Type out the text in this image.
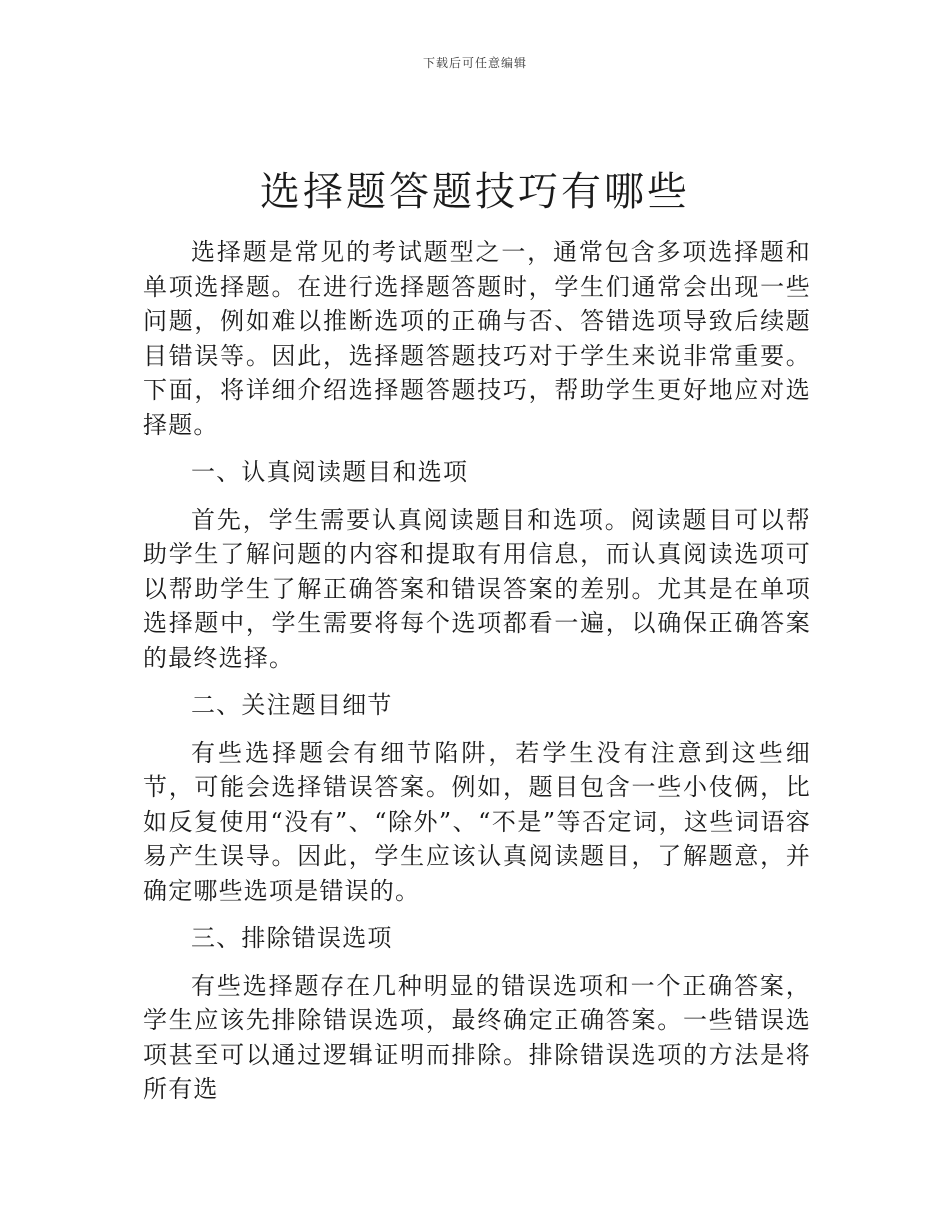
下载后可任意编辑
选择题答题技巧有哪些

选择题是常见的考试题型之一，通常包含多项选择题和单项选择题。在进行选择题答题时，学生们通常会出现一些问题，例如难以推断选项的正确与否、答错选项导致后续题目错误等。因此，选择题答题技巧对于学生来说非常重要。下面，将详细介绍选择题答题技巧，帮助学生更好地应对选择题。

一、认真阅读题目和选项

首先，学生需要认真阅读题目和选项。阅读题目可以帮助学生了解问题的内容和提取有用信息，而认真阅读选项可以帮助学生了解正确答案和错误答案的差别。尤其是在单项选择题中，学生需要将每个选项都看一遍，以确保正确答案的最终选择。

二、关注题目细节

有些选择题会有细节陷阱，若学生没有注意到这些细节，可能会选择错误答案。例如，题目包含一些小伎俩，比如反复使用“没有”、“除外”、“不是”等否定词，这些词语容易产生误导。因此，学生应该认真阅读题目，了解题意，并确定哪些选项是错误的。

三、排除错误选项

有些选择题存在几种明显的错误选项和一个正确答案，学生应该先排除错误选项，最终确定正确答案。一些错误选项甚至可以通过逻辑证明而排除。排除错误选项的方法是将所有选
